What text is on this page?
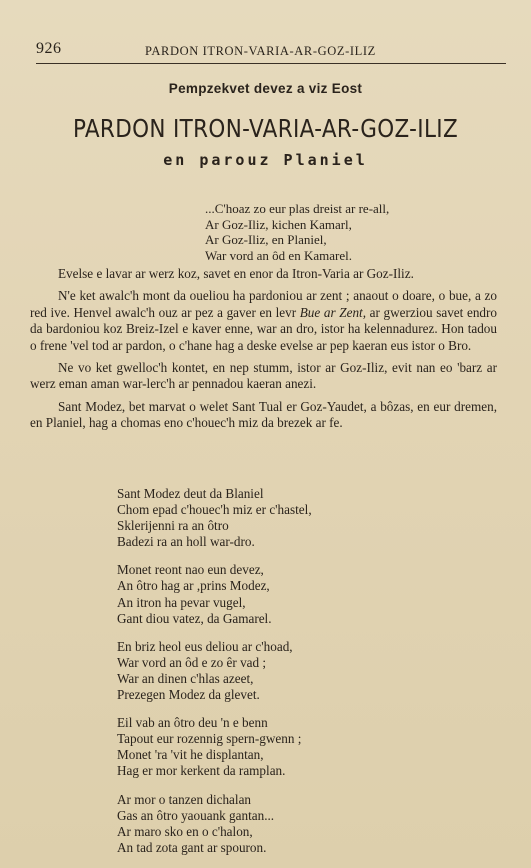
926	PARDON ITRON-VARIA-AR-GOZ-ILIZ
Pempzekvet devez a viz Eost
PARDON ITRON-VARIA-AR-GOZ-ILIZ
en parouz Planiel
...C'hoaz zo eur plas dreist ar re-all,
Ar Goz-Iliz, kichen Kamarl,
Ar Goz-Iliz, en Planiel,
War vord an ôd en Kamarel.

Evelse e lavar ar werz koz, savet en enor da Itron-Varia ar Goz-Iliz.

N'e ket awalc'h mont da oueliou ha pardoniou ar zent ; anaout o doare, o bue, a zo red ive. Henvel awalc'h ouz ar pez a gaver en levr Bue ar Zent, ar gwerziou savet endro da bardoniou koz Breiz-Izel e kaver enne, war an dro, istor ha kelennadurez. Hon tadou o frene 'vel tod ar pardon, o c'hane hag a deske evelse ar pep kaeran eus istor o Bro.

Ne vo ket gwelloc'h kontet, en nep stumm, istor ar Goz-Iliz, evit nan eo 'barz ar werz eman aman war-lerc'h ar pennadou kaeran anezi.

Sant Modez, bet marvat o welet Sant Tual er Goz-Yaudet, a bôzas, en eur dremen, en Planiel, hag a chomas eno c'houec'h miz da brezek ar fe.

Sant Modez deut da Blaniel
Chom epad c'houec'h miz er c'hastel,
Sklerijenni ra an ôtro
Badezi ra an holl war-dro.
Monet reont nao eun devez,
An ôtro hag ar ,prins Modez,
An itron ha pevar vugel,
Gant diou vatez, da Gamarel.
En briz heol eus deliou ar c'hoad,
War vord an ôd e zo êr vad ;
War an dinen c'hlas azeet,
Prezegen Modez da glevet.
Eil vab an ôtro deu 'n e benn
Tapout eur rozennig spern-gwenn ;
Monet 'ra 'vit he displantan,
Hag er mor kerkent da ramplan.
Ar mor o tanzen dichalan
Gas an ôtro yaouank gantan...
Ar maro sko en o c'halon,
An tad zota gant ar spouron.
